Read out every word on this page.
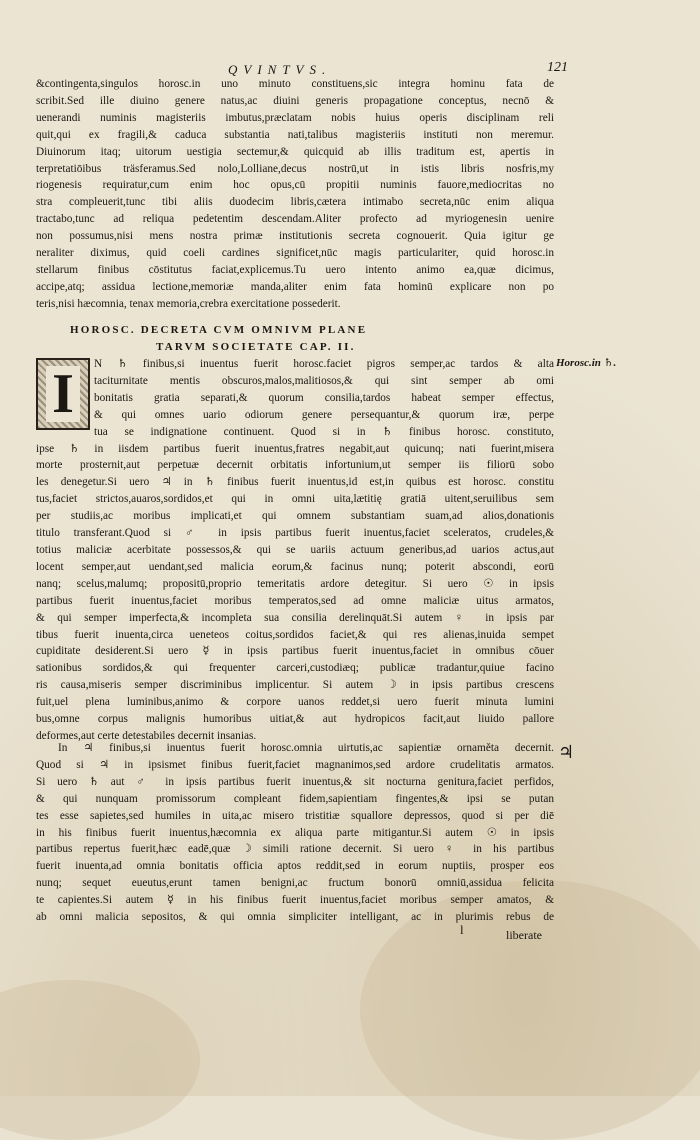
QVINTVS.	121
&contingenta,singulos horosc.in uno minuto constituens,sic integra hominu fata de
scribit.Sed ille diuino genere natus,ac diuini generis propagatione conceptus, necnō &
uenerandi numinis magisteriis imbutus,præclatam nobis huius operis disciplinam reli
quit,qui ex fragili,& caduca substantia nati,talibus magisteriis instituti non meremur.
Diuinorum itaq; uitorum uestigia sectemur,& quicquid ab illis traditum est, apertis in
terpretatiōibus träsferamus.Sed nolo,Lolliane,decus nostrū,ut in istis libris nosfris,my
riogenesis requiratur,cum enim hoc opus,cū propitii numinis fauore,mediocritas no
stra compleuerit,tunc tibi aliis duodecim libris,cætera intimabo secreta,nūc enim aliqua
tractabo,tunc ad reliqua pedetentim descendam.Aliter profecto ad myriogenesin uenire
non possumus,nisi mens nostra primæ institutionis secreta cognouerit. Quia igitur ge
neraliter diximus, quid coeli cardines significet,nūc magis particulariter, quid horosc.in
stellarum finibus cōstitutus faciat,explicemus.Tu uero intento animo ea,quæ dicimus,
accipe,atq; assidua lectione,memoriæ manda,aliter enim fata hominū explicare non po
teris,nisi hæcomnia, tenax memoria,crebra exercitatione possederit.
HOROSC. DECRETA CVM OMNIVM PLANE
TARVM SOCIETATE CAP. II.
I	N ♄ finibus,si inuentus fuerit horosc.faciet pigros semper,ac tardos & alta
taciturnitate mentis obscuros,malos,malitiosos,& qui sint semper ab omi
bonitatis gratia separati,& quorum consilia,tardos habeat semper effectus,
& qui omnes uario odiorum genere persequantur,& quorum iræ, perpe
tua se indignatione continuent. Quod si in ♄ finibus horosc. constituto,
ipse ♄ in iisdem partibus fuerit inuentus,fratres negabit,aut quicunq; nati fuerint,misera
morte prosternit,aut perpetuæ decernit orbitatis infortunium,ut semper iis filiorū sobo
les denegetur.Si uero ♃ in ♄ finibus fuerit inuentus,id est,in quibus est horosc. constitu
tus,faciet strictos,auaros,sordidos,et qui in omni uita,lætitię gratiā uitent,seruilibus sem
per studiis,ac moribus implicati,et qui omnem substantiam suam,ad alios,donationis
titulo transferant.Quod si ♂ in ipsis partibus fuerit inuentus,faciet sceleratos, crudeles,&
totius maliciæ acerbitate possessos,& qui se uariis actuum generibus,ad uarios actus,aut
locent semper,aut uendant,sed malicia eorum,& facinus nunq; poterit abscondi, eorū
nanq; scelus,malumq; propositū,proprio temeritatis ardore detegitur. Si uero ☉ in ipsis
partibus fuerit inuentus,faciet moribus temperatos,sed ad omne maliciæ uitus armatos,
& qui semper imperfecta,& incompleta sua consilia derelinquāt.Si autem ♀ in ipsis par
tibus fuerit inuenta,circa ueneteos coitus,sordidos faciet,& qui res alienas,inuida sempet
cupiditate desiderent.Si uero ☿ in ipsis partibus fuerit inuentus,faciet in omnibus cōuer
sationibus sordidos,& qui frequenter carceri,custodiæq; publicæ tradantur,quiue facino
ris causa,miseris semper discriminibus implicentur. Si autem ☽ in ipsis partibus crescens
fuit,uel plena luminibus,animo & corpore uanos reddet,si uero fuerit minuta lumini
bus,omne corpus malignis humoribus uitiat,& aut hydropicos facit,aut liuido pallore
deformes,aut certe detestabiles decernit insanias.
In ♃ finibus,si inuentus fuerit horosc.omnia uirtutis,ac sapientiæ ornaměta decernit.
Quod si ♃ in ipsismet finibus fuerit,faciet magnanimos,sed ardore crudelitatis armatos.
Si uero ♄ aut ♂ in ipsis partibus fuerit inuentus,& sit nocturna genitura,faciet perfidos,
& qui nunquam promissorum compleant fidem,sapientiam fingentes,& ipsi se putan
tes esse sapietes,sed humiles in uita,ac misero tristitiæ squallore depressos, quod si per diē
in his finibus fuerit inuentus,hæcomnia ex aliqua parte mitigantur.Si autem ☉ in ipsis
partibus repertus fuerit,hæc eadē,quæ ☽ simili ratione decernit. Si uero ♀ in his partibus
fuerit inuenta,ad omnia bonitatis officia aptos reddit,sed in eorum nuptiis, prosper eos
nunq; sequet eueutus,erunt tamen benigni,ac fructum bonorū omniū,assidua felicita
te capientes.Si autem ☿ in his finibus fuerit inuentus,faciet moribus semper amatos, &
ab omni malicia sepositos, & qui omnia simpliciter intelligant, ac in plurimis rebus de
Horosc.in ♄.
♃
l	liberate
